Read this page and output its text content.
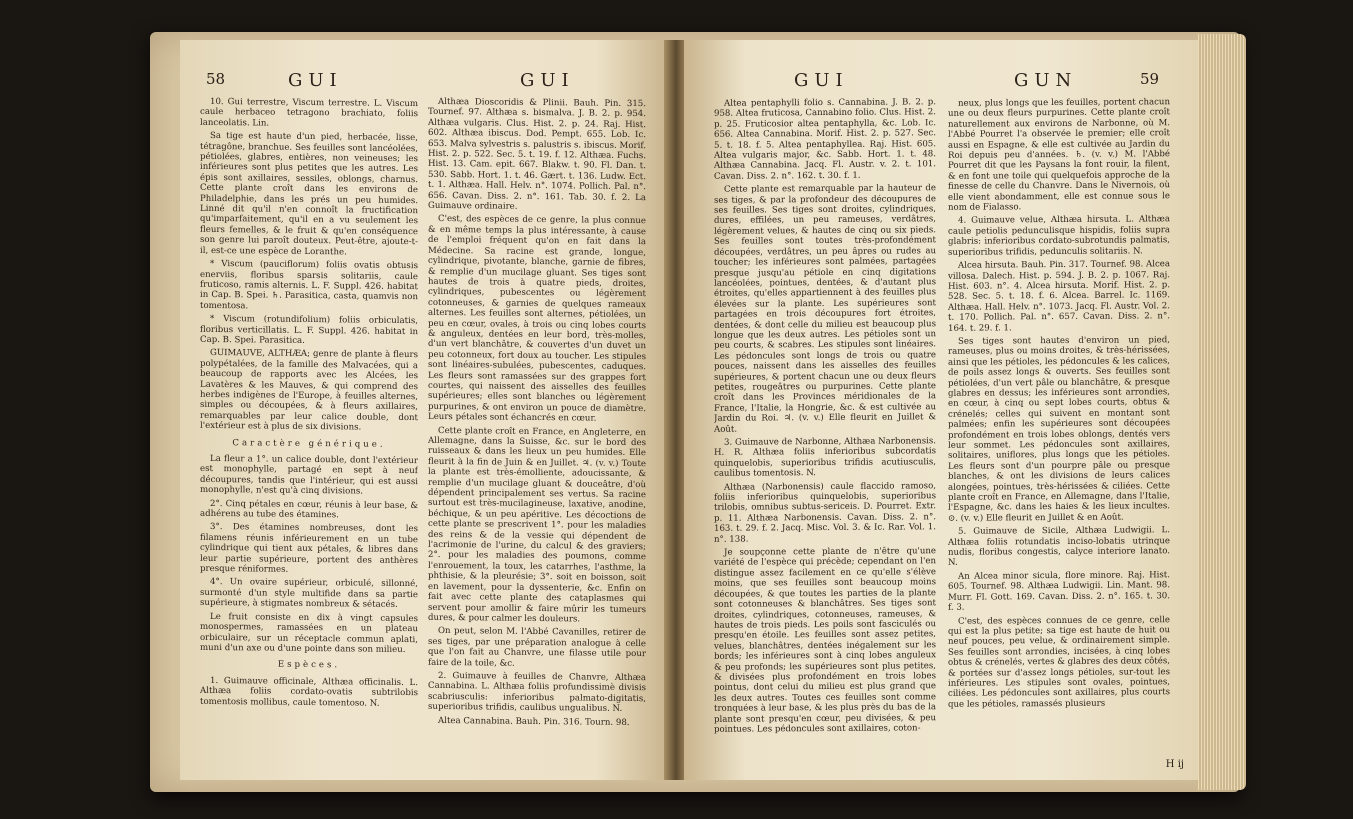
58	GUI	GUI

10. Gui terrestre, Viscum terrestre. L. Viscum caule herbaceo tetragono brachiato, foliis lanceolatis. Lin.

Sa tige est haute d'un pied, herbacée, lisse, tétragône, branchue. Ses feuilles sont lancéolées, pétiolées, glabres, entières, non veineuses; les inférieures sont plus petites que les autres. Les épis sont axillaires, sessiles, oblongs, charnus. Cette plante croît dans les environs de Philadelphie, dans les prés un peu humides. Linné dit qu'il n'en connoît la fructification qu'imparfaitement, qu'il en a vu seulement les fleurs femelles, & le fruit & qu'en conséquence son genre lui paroît douteux. Peut-être, ajoute-t-il, est-ce une espèce de Loranthe.

* Viscum (pauciflorum) foliis ovatis obtusis enerviis, floribus sparsis solitariis, caule fruticoso, ramis alternis. L. F. Suppl. 426. habitat in Cap. B. Spei. ♄. Parasitica, casta, quamvis non tomentosa.

* Viscum (rotundifolium) foliis orbiculatis, floribus verticillatis. L. F. Suppl. 426. habitat in Cap. B. Spei. Parasitica.

GUIMAUVE, ALTHÆA; genre de plante à fleurs polypétalées, de la famille des Malvacées, qui a beaucoup de rapports avec les Alcées, les Lavatères & les Mauves, & qui comprend des herbes indigènes de l'Europe, à feuilles alternes, simples ou découpées, & à fleurs axillaires, remarquables par leur calice double, dont l'extérieur est à plus de six divisions.

Caractère générique.

La fleur a 1°. un calice double, dont l'extérieur est monophylle, partagé en sept à neuf découpures, tandis que l'intérieur, qui est aussi monophylle, n'est qu'à cinq divisions.

2°. Cinq pétales en cœur, réunis à leur base, & adhérens au tube des étamines.

3°. Des étamines nombreuses, dont les filamens réunis inférieurement en un tube cylindrique qui tient aux pétales, & libres dans leur partie supérieure, portent des anthères presque réniformes.

4°. Un ovaire supérieur, orbiculé, sillonné, surmonté d'un style multifide dans sa partie supérieure, à stigmates nombreux & sétacés.

Le fruit consiste en dix à vingt capsules monospermes, ramassées en un plateau orbiculaire, sur un réceptacle commun aplati, muni d'un axe ou d'une pointe dans son milieu.

Espèces.

1. Guimauve officinale, Althæa officinalis. L. Althæa foliis cordato-ovatis subtrilobis tomentosis mollibus, caule tomentoso. N.

Althæa Dioscoridis & Plinii. Bauh. Pin. 315. Tournef. 97. Althæa s. bismalva. J. B. 2. p. 954. Althæa vulgaris. Clus. Hist. 2. p. 24. Raj. Hist. 602. Althæa ibiscus. Dod. Pempt. 655. Lob. Ic. 653. Malva sylvestris s. palustris s. ibiscus. Morif. Hist. 2. p. 522. Sec. 5. t. 19. f. 12. Althæa. Fuchs. Hist. 13. Cam. epit. 667. Blakw. t. 90. Fl. Dan. t. 530. Sabb. Hort. 1. t. 46. Gært. t. 136. Ludw. Ect. t. 1. Althæa. Hall. Helv. n°. 1074. Pollich. Pal. n°. 656. Cavan. Diss. 2. n°. 161. Tab. 30. f. 2. La Guimauve ordinaire.

C'est, des espèces de ce genre, la plus connue & en même temps la plus intéressante, à cause de l'emploi fréquent qu'on en fait dans la Médecine. Sa racine est grande, longue, cylindrique, pivotante, blanche, garnie de fibres, & remplie d'un mucilage gluant. Ses tiges sont hautes de trois à quatre pieds, droites, cylindriques, pubescentes ou légèrement cotonneuses, & garnies de quelques rameaux alternes. Les feuilles sont alternes, pétiolées, un peu en cœur, ovales, à trois ou cinq lobes courts & anguleux, dentées en leur bord, très-molles, d'un vert blanchâtre, & couvertes d'un duvet un peu cotonneux, fort doux au toucher. Les stipules sont linéaires-subulées, pubescentes, caduques. Les fleurs sont ramassées sur des grappes fort courtes, qui naissent des aisselles des feuilles supérieures; elles sont blanches ou légèrement purpurines, & ont environ un pouce de diamètre. Leurs pétales sont échancrés en cœur.

Cette plante croît en France, en Angleterre, en Allemagne, dans la Suisse, &c. sur le bord des ruisseaux & dans les lieux un peu humides. Elle fleurit à la fin de Juin & en Juillet. ♃. (v. v.) Toute la plante est très-émolliente, adoucissante, & remplie d'un mucilage gluant & douceâtre, d'où dépendent principalement ses vertus. Sa racine surtout est très-mucilagineuse, laxative, anodine, béchique, & un peu apéritive. Les décoctions de cette plante se prescrivent 1°. pour les maladies des reins & de la vessie qui dépendent de l'acrimonie de l'urine, du calcul & des graviers; 2°. pour les maladies des poumons, comme l'enrouement, la toux, les catarrhes, l'asthme, la phthisie, & la pleurésie; 3°. soit en boisson, soit en lavement, pour la dyssenterie, &c. Enfin on fait avec cette plante des cataplasmes qui servent pour amollir & faire mûrir les tumeurs dures, & pour calmer les douleurs.

On peut, selon M. l'Abbé Cavanilles, retirer de ses tiges, par une préparation analogue à celle que l'on fait au Chanvre, une filasse utile pour faire de la toile, &c.

2. Guimauve à feuilles de Chanvre, Althæa Cannabina. L. Althæa foliis profundissimè divisis scabriusculis: inferioribus palmato-digitatis, superioribus trifidis, caulibus ungualibus. N.

Altea Cannabina. Bauh. Pin. 316. Tourn. 98.

GUI	GUN	59

Altea pentaphylli folio s. Cannabina. J. B. 2. p. 958. Altea fruticosa, Cannabino folio. Clus. Hist. 2. p. 25. Fruticosior altea pentaphylla, &c. Lob. Ic. 656. Altea Cannabina. Morif. Hist. 2. p. 527. Sec. 5. t. 18. f. 5. Altea pentaphyllea. Raj. Hist. 605. Altea vulgaris major, &c. Sabb. Hort. 1. t. 48. Althæa Cannabina. Jacq. Fl. Austr. v. 2. t. 101. Cavan. Diss. 2. n°. 162. t. 30. f. 1.

Cette plante est remarquable par la hauteur de ses tiges, & par la profondeur des découpures de ses feuilles. Ses tiges sont droites, cylindriques, dures, effilées, un peu rameuses, verdâtres, légèrement velues, & hautes de cinq ou six pieds. Ses feuilles sont toutes très-profondément découpées, verdâtres, un peu âpres ou rudes au toucher; les inférieures sont palmées, partagées presque jusqu'au pétiole en cinq digitations lancéolées, pointues, dentées, & d'autant plus étroites, qu'elles appartiennent à des feuilles plus élevées sur la plante. Les supérieures sont partagées en trois découpures fort étroites, dentées, & dont celle du milieu est beaucoup plus longue que les deux autres. Les pétioles sont un peu courts, & scabres. Les stipules sont linéaires. Les pédoncules sont longs de trois ou quatre pouces, naissent dans les aisselles des feuilles supérieures, & portent chacun une ou deux fleurs petites, rougeâtres ou purpurines. Cette plante croît dans les Provinces méridionales de la France, l'Italie, la Hongrie, &c. & est cultivée au Jardin du Roi. ♃. (v. v.) Elle fleurit en Juillet & Août.

3. Guimauve de Narbonne, Althæa Narbonensis. H. R. Althæa foliis inferioribus subcordatis quinquelobis, superioribus trifidis acutiusculis, caulibus tomentosis. N.

Althæa (Narbonensis) caule flaccido ramoso, foliis inferioribus quinquelobis, superioribus trilobis, omnibus subtus-sericeis. D. Pourret. Extr. p. 11. Althæa Narbonensis. Cavan. Diss. 2. n°. 163. t. 29. f. 2. Jacq. Misc. Vol. 3. & Ic. Rar. Vol. 1. n°. 138.

Je soupçonne cette plante de n'être qu'une variété de l'espèce qui précède; cependant on l'en distingue assez facilement en ce qu'elle s'élève moins, que ses feuilles sont beaucoup moins découpées, & que toutes les parties de la plante sont cotonneuses & blanchâtres. Ses tiges sont droites, cylindriques, cotonneuses, rameuses, & hautes de trois pieds. Les poils sont fasciculés ou presqu'en étoile. Les feuilles sont assez petites, velues, blanchâtres, dentées inégalement sur les bords; les inférieures sont à cinq lobes anguleux & peu profonds; les supérieures sont plus petites, & divisées plus profondément en trois lobes pointus, dont celui du milieu est plus grand que les deux autres. Toutes ces feuilles sont comme tronquées à leur base, & les plus près du bas de la plante sont presqu'en cœur, peu divisées, & peu pointues. Les pédoncules sont axillaires, coton-

neux, plus longs que les feuilles, portent chacun une ou deux fleurs purpurines. Cette plante croît naturellement aux environs de Narbonne, où M. l'Abbé Pourret l'a observée le premier; elle croît aussi en Espagne, & elle est cultivée au Jardin du Roi depuis peu d'années. ♄. (v. v.) M. l'Abbé Pourret dit que les Paysans la font rouir, la filent, & en font une toile qui quelquefois approche de la finesse de celle du Chanvre. Dans le Nivernois, où elle vient abondamment, elle est connue sous le nom de Fialasso.

4. Guimauve velue, Althæa hirsuta. L. Althæa caule petiolis pedunculisque hispidis, foliis supra glabris: inferioribus cordato-subrotundis palmatis, superioribus trifidis, pedunculis solitariis. N.

Alcea hirsuta. Bauh. Pin. 317. Tournef. 98. Alcea villosa. Dalech. Hist. p. 594. J. B. 2. p. 1067. Raj. Hist. 603. n°. 4. Alcea hirsuta. Morif. Hist. 2. p. 528. Sec. 5. t. 18. f. 6. Alcea. Barrel. Ic. 1169. Althæa. Hall. Helv. n°. 1073. Jacq. Fl. Austr. Vol. 2. t. 170. Pollich. Pal. n°. 657. Cavan. Diss. 2. n°. 164. t. 29. f. 1.

Ses tiges sont hautes d'environ un pied, rameuses, plus ou moins droites, & très-hérissées, ainsi que les pétioles, les pédoncules & les calices, de poils assez longs & ouverts. Ses feuilles sont pétiolées, d'un vert pâle ou blanchâtre, & presque glabres en dessus; les inférieures sont arrondies, en cœur, à cinq ou sept lobes courts, obtus & crénelés; celles qui suivent en montant sont palmées; enfin les supérieures sont découpées profondément en trois lobes oblongs, dentés vers leur sommet. Les pédoncules sont axillaires, solitaires, uniflores, plus longs que les pétioles. Les fleurs sont d'un pourpre pâle ou presque blanches, & ont les divisions de leurs calices alongées, pointues, très-hérissées & ciliées. Cette plante croît en France, en Allemagne, dans l'Italie, l'Espagne, &c. dans les haies & les lieux incultes. ⊙. (v. v.) Elle fleurit en Juillet & en Août.

5. Guimauve de Sicile, Althæa Ludwigii. L. Althæa foliis rotundatis inciso-lobatis utrinque nudis, floribus congestis, calyce interiore lanato. N.

An Alcea minor sicula, flore minore. Raj. Hist. 605. Tournef. 98. Althæa Ludwigii. Lin. Mant. 98. Murr. Fl. Gott. 169. Cavan. Diss. 2. n°. 165. t. 30. f. 3.

C'est, des espèces connues de ce genre, celle qui est la plus petite; sa tige est haute de huit ou neuf pouces, peu velue, & ordinairement simple. Ses feuilles sont arrondies, incisées, à cinq lobes obtus & crénelés, vertes & glabres des deux côtés, & portées sur d'assez longs pétioles, sur-tout les inférieures. Les stipules sont ovales, pointues, ciliées. Les pédoncules sont axillaires, plus courts que les pétioles, ramassés plusieurs

H ij
